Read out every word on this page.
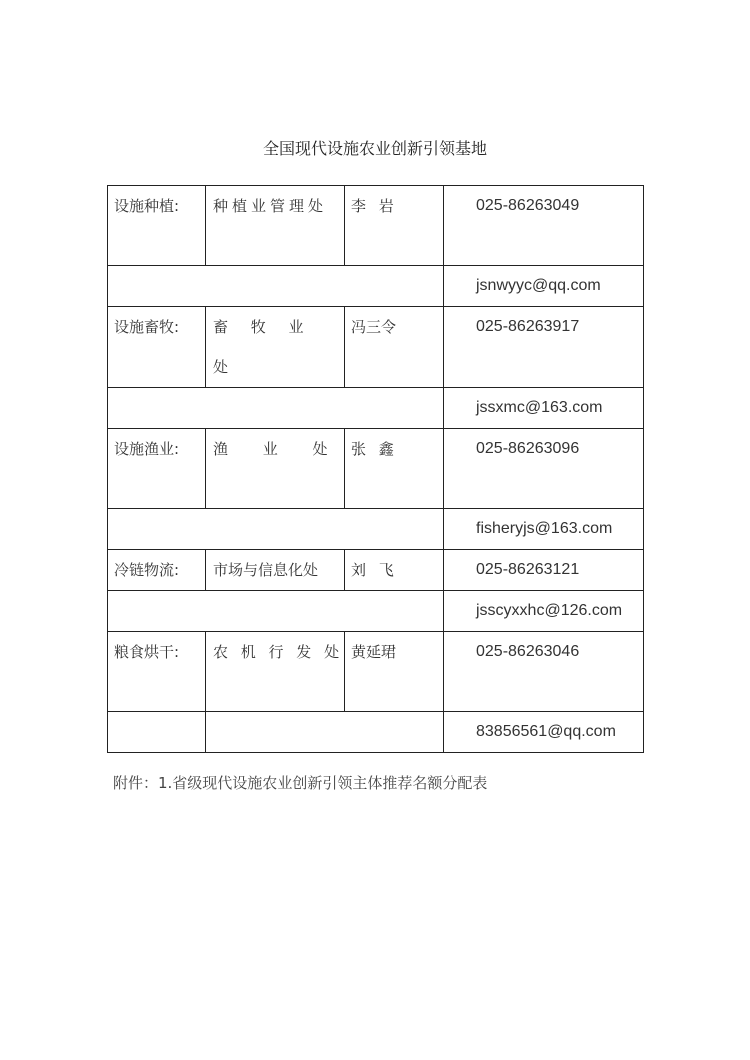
全国现代设施农业创新引领基地
设施种植:	种植业管理处	李 岩	025-86263049
			jsnwyyc@qq.com
设施畜牧:	畜 牧 业 处	冯三令	025-86263917
			jssxmc@163.com
设施渔业:	渔 业 处	张 鑫	025-86263096
			fisheryjs@163.com
冷链物流:	市场与信息化处	刘 飞	025-86263121
			jsscyxxhc@126.com
粮食烘干:	农 机 行 发 处	黄延珺	025-86263046
			83856561@qq.com
附件：1.省级现代设施农业创新引领主体推荐名额分配表
